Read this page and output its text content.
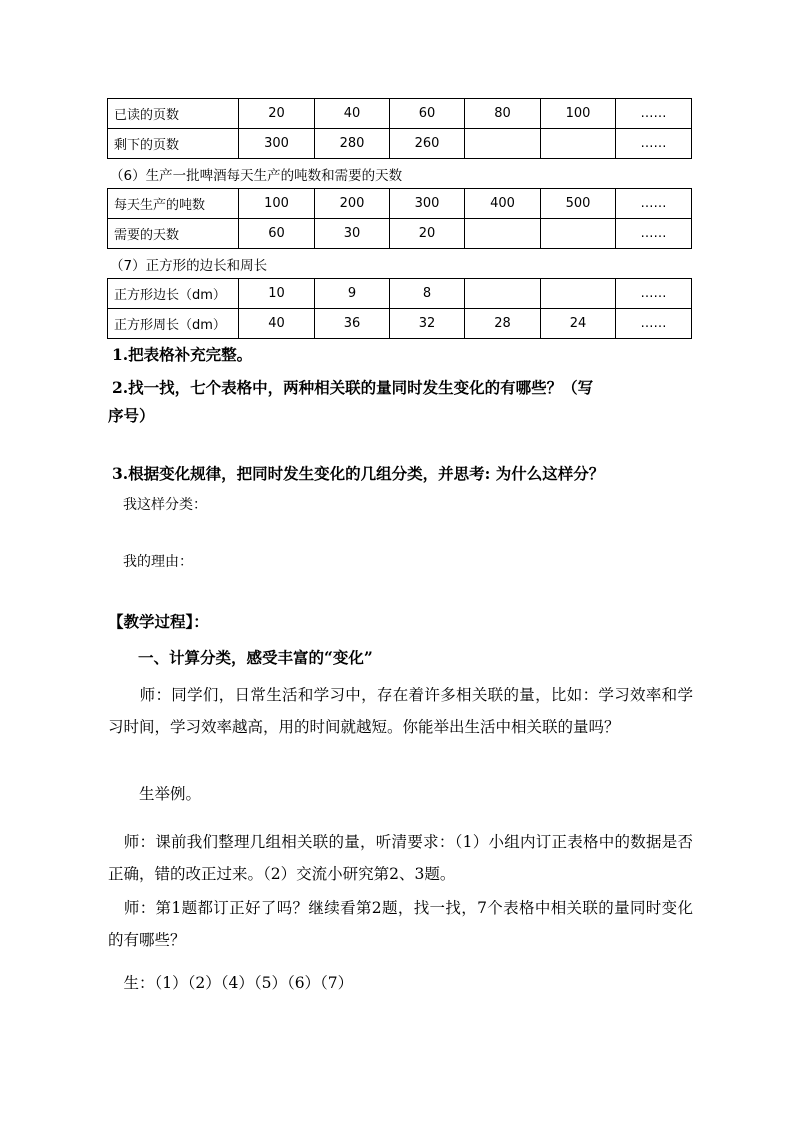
已读的页数	20	40	60	80	100	……
剩下的页数	300	280	260			……
（6）生产一批啤酒每天生产的吨数和需要的天数
每天生产的吨数	100	200	300	400	500	……
需要的天数	60	30	20			……
（7）正方形的边长和周长
正方形边长（dm）	10	9	8			……
正方形周长（dm）	40	36	32	28	24	……
1.把表格补充完整。
2.找一找，七个表格中，两种相关联的量同时发生变化的有哪些？（写
序号）
3.根据变化规律，把同时发生变化的几组分类，并思考: 为什么这样分？
我这样分类：
我的理由：
【教学过程】：
一、计算分类，感受丰富的“变化”

　　师：同学们，日常生活和学习中，存在着许多相关联的量，比如：学习效率和学习时间，学习效率越高，用的时间就越短。你能举出生活中相关联的量吗？

　　生举例。

　师：课前我们整理几组相关联的量，听清要求：（1）小组内订正表格中的数据是否正确，错的改正过来。（2）交流小研究第2、3题。

　师：第1题都订正好了吗？继续看第2题，找一找，7个表格中相关联的量同时变化的有哪些？

　生：（1）（2）（4）（5）（6）（7）
